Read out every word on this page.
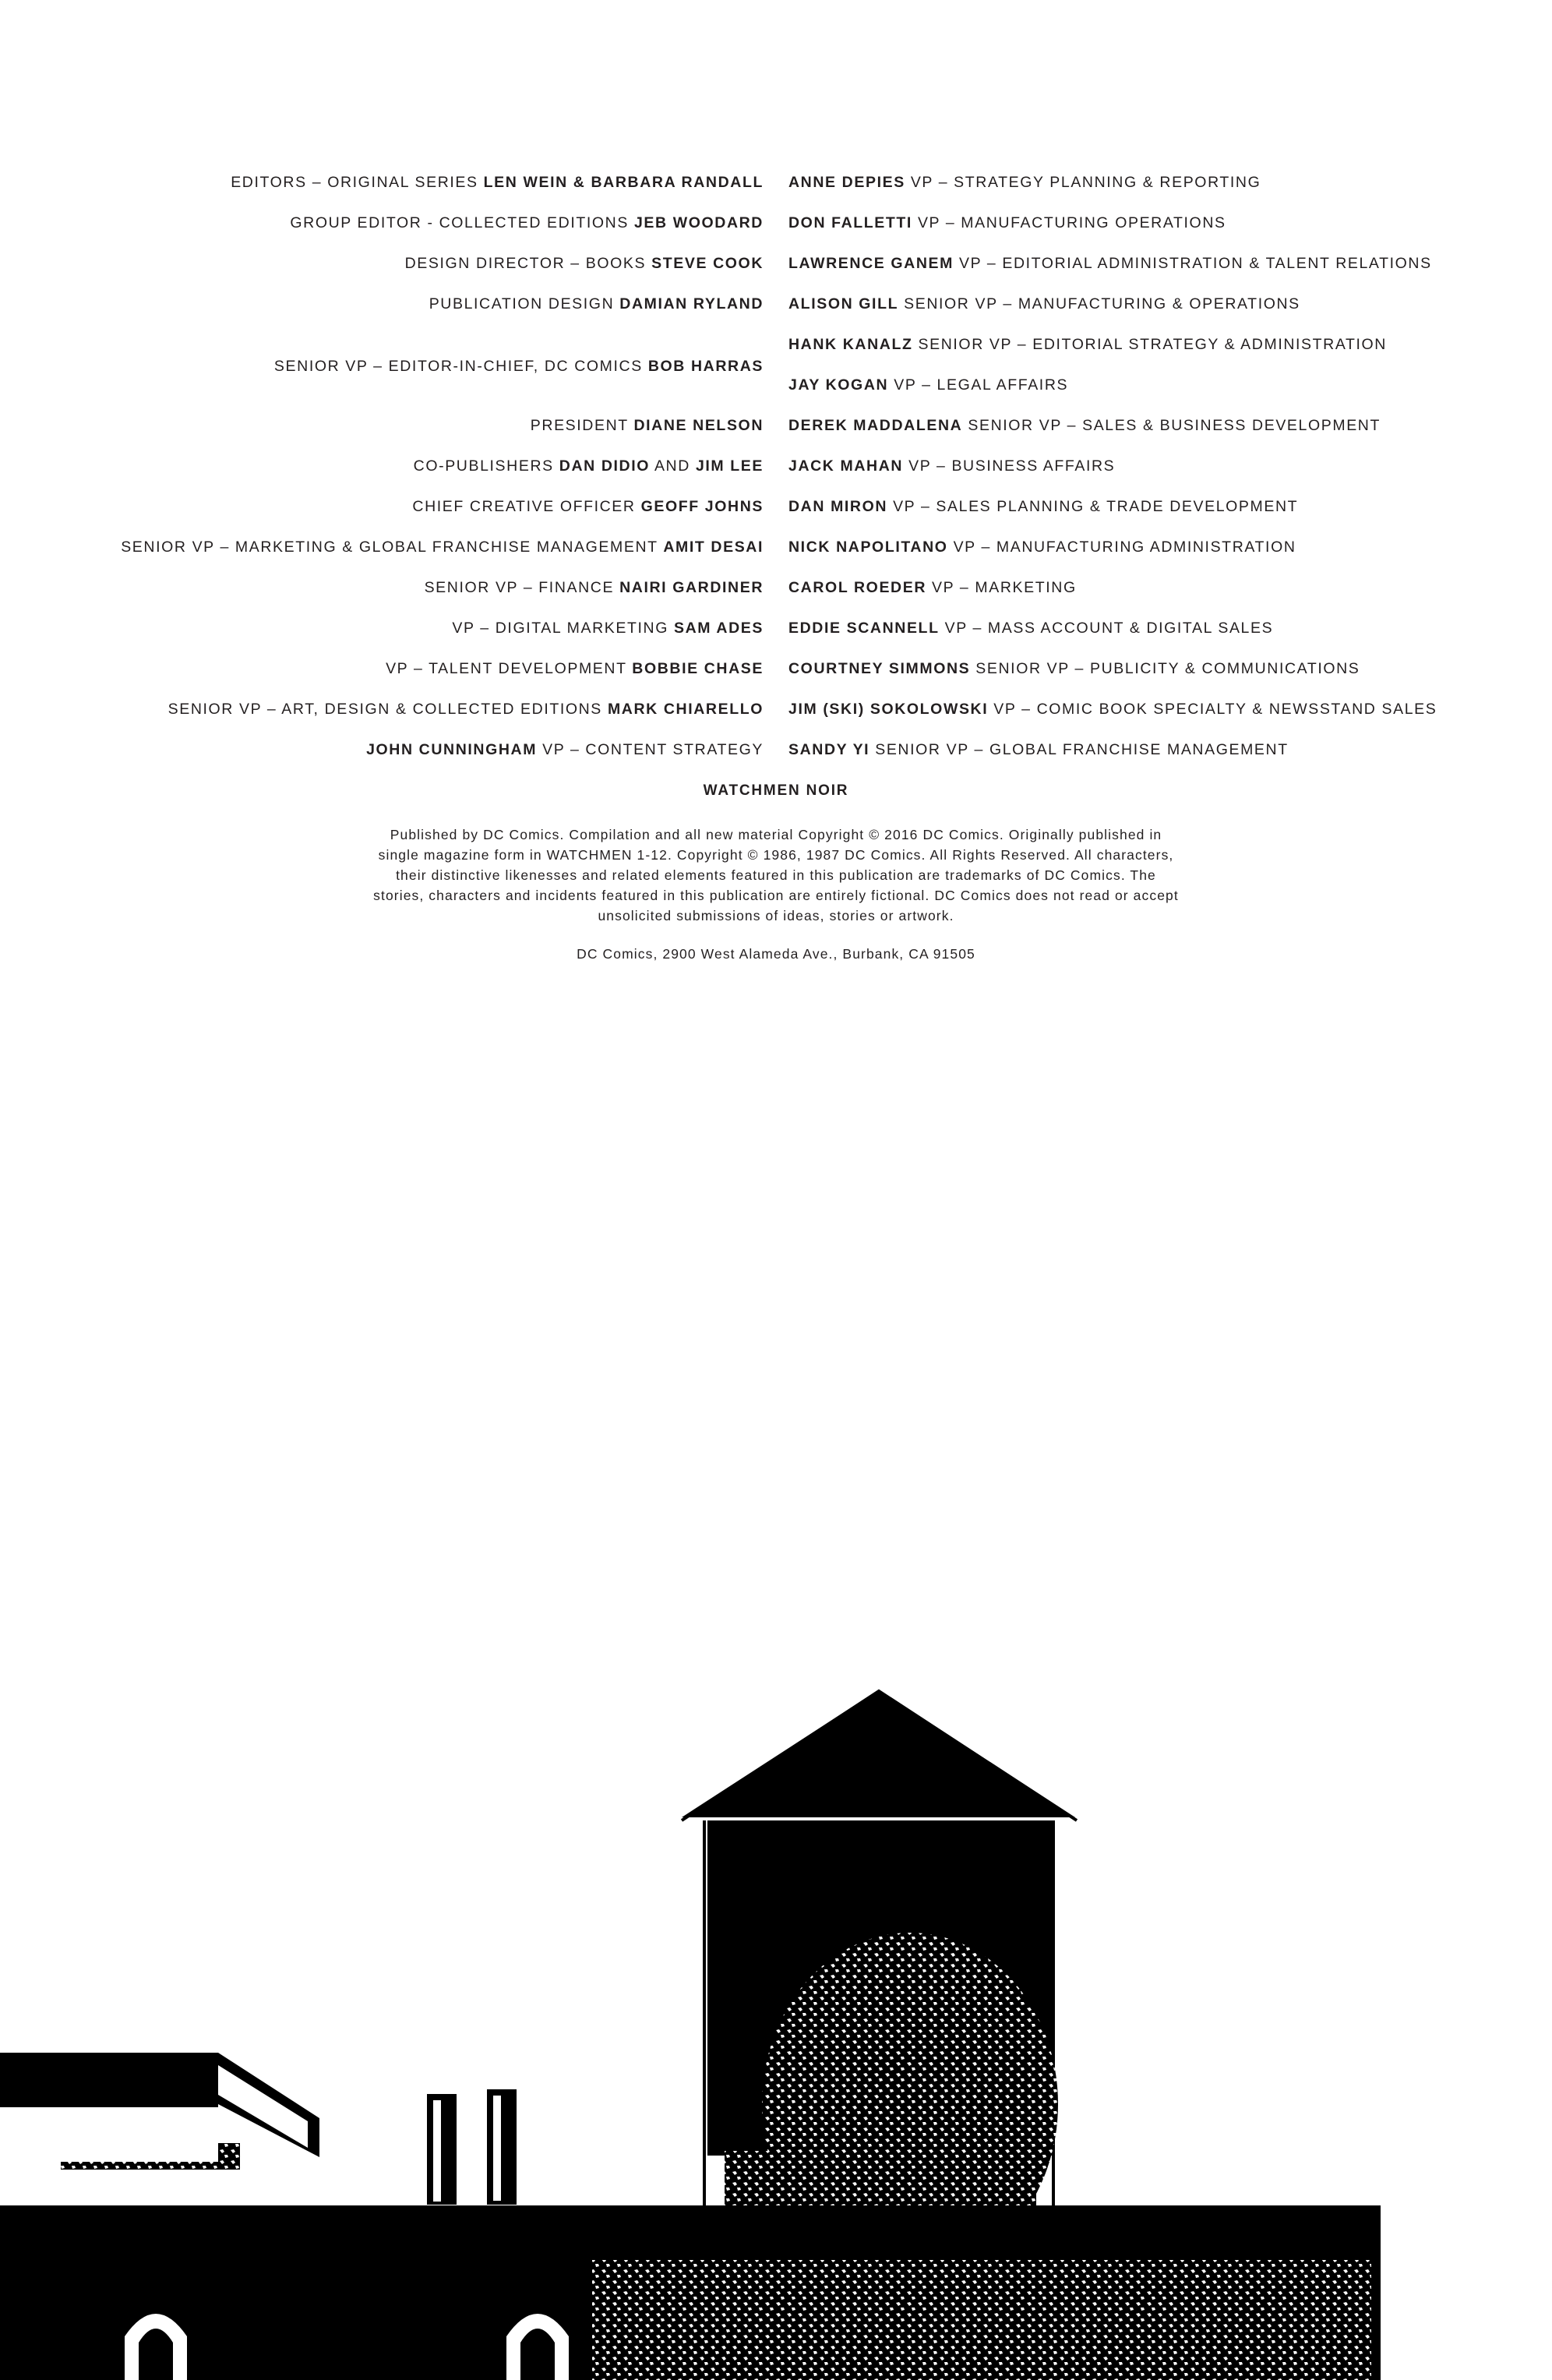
EDITORS – ORIGINAL SERIES LEN WEIN & BARBARA RANDALL
GROUP EDITOR - COLLECTED EDITIONS JEB WOODARD
DESIGN DIRECTOR – BOOKS STEVE COOK
PUBLICATION DESIGN DAMIAN RYLAND
SENIOR VP – EDITOR-IN-CHIEF, DC COMICS BOB HARRAS
PRESIDENT DIANE NELSON
CO-PUBLISHERS DAN DIDIO AND JIM LEE
CHIEF CREATIVE OFFICER GEOFF JOHNS
SENIOR VP – MARKETING & GLOBAL FRANCHISE MANAGEMENT AMIT DESAI
SENIOR VP – FINANCE NAIRI GARDINER
VP – DIGITAL MARKETING SAM ADES
VP – TALENT DEVELOPMENT BOBBIE CHASE
SENIOR VP – ART, DESIGN & COLLECTED EDITIONS MARK CHIARELLO
JOHN CUNNINGHAM VP – CONTENT STRATEGY
ANNE DEPIES VP – STRATEGY PLANNING & REPORTING
DON FALLETTI VP – MANUFACTURING OPERATIONS
LAWRENCE GANEM VP – EDITORIAL ADMINISTRATION & TALENT RELATIONS
ALISON GILL SENIOR VP – MANUFACTURING & OPERATIONS
HANK KANALZ SENIOR VP – EDITORIAL STRATEGY & ADMINISTRATION
JAY KOGAN VP – LEGAL AFFAIRS
DEREK MADDALENA SENIOR VP – SALES & BUSINESS DEVELOPMENT
JACK MAHAN VP – BUSINESS AFFAIRS
DAN MIRON VP – SALES PLANNING & TRADE DEVELOPMENT
NICK NAPOLITANO VP – MANUFACTURING ADMINISTRATION
CAROL ROEDER VP – MARKETING
EDDIE SCANNELL VP – MASS ACCOUNT & DIGITAL SALES
COURTNEY SIMMONS SENIOR VP – PUBLICITY & COMMUNICATIONS
JIM (SKI) SOKOLOWSKI VP – COMIC BOOK SPECIALTY & NEWSSTAND SALES
SANDY YI SENIOR VP – GLOBAL FRANCHISE MANAGEMENT
WATCHMEN NOIR
Published by DC Comics. Compilation and all new material Copyright © 2016 DC Comics. Originally published in
single magazine form in WATCHMEN 1-12. Copyright © 1986, 1987 DC Comics. All Rights Reserved. All characters,
their distinctive likenesses and related elements featured in this publication are trademarks of DC Comics. The
stories, characters and incidents featured in this publication are entirely fictional. DC Comics does not read or accept
unsolicited submissions of ideas, stories or artwork.
DC Comics, 2900 West Alameda Ave., Burbank, CA 91505
